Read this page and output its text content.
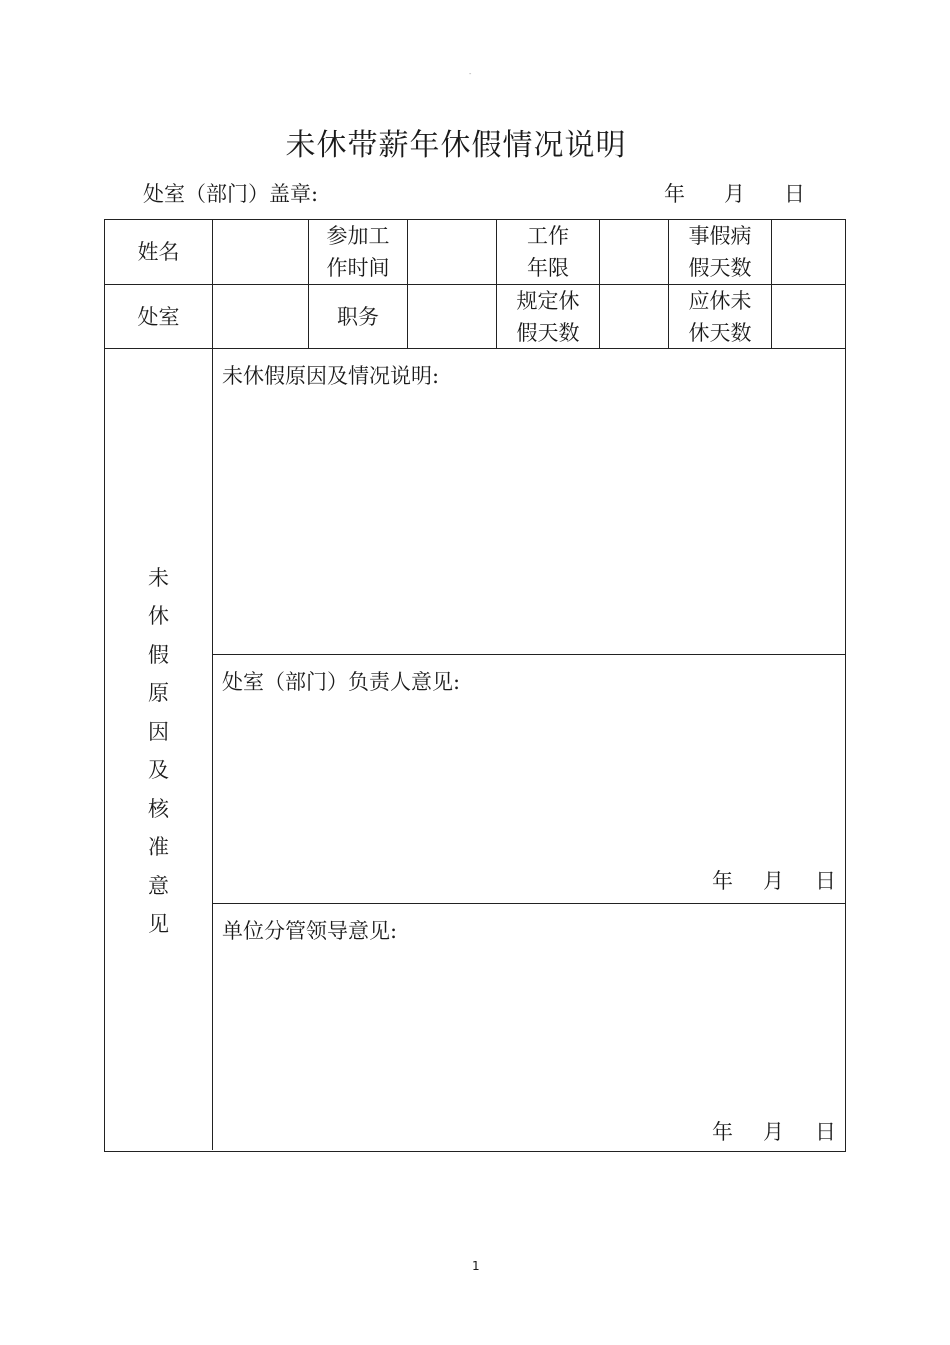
-
未休带薪年休假情况说明
处室（部门）盖章:	年 月 日
姓名
参加工
作时间
工作
年限
事假病
假天数
处室	职务
规定休
假天数
应休未
休天数
未
休
假
原
因
及
核
准
意
见
未休假原因及情况说明:
处室（部门）负责人意见:
年 月 日
单位分管领导意见:
年 月 日
1
